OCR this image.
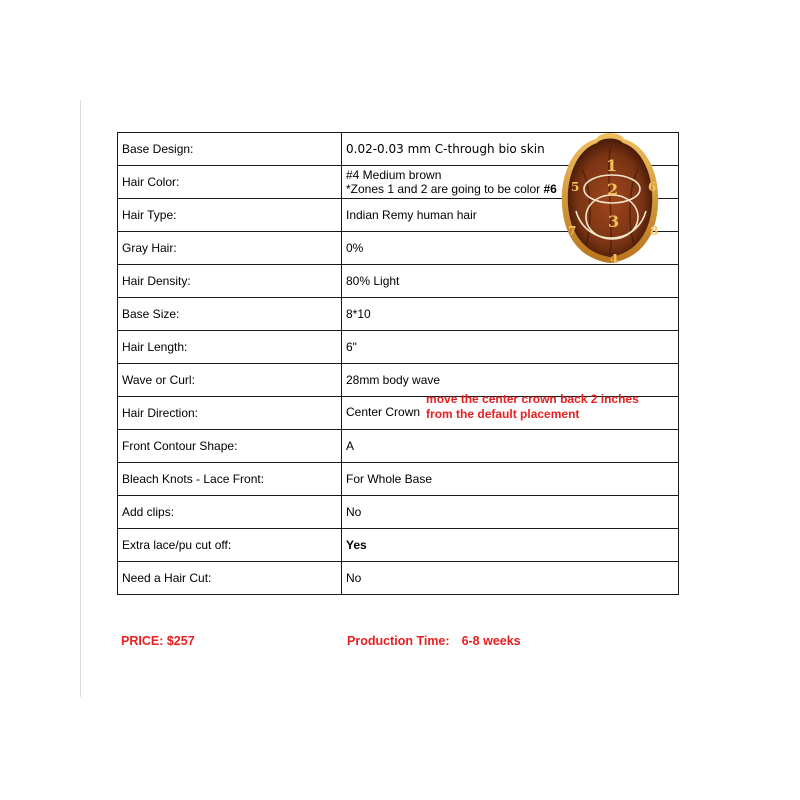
Base Design:	0.02-0.03 mm C-through bio skin
Hair Color:	#4 Medium brown
*Zones 1 and 2 are going to be color #6

Hair Type:	Indian Remy human hair
Gray Hair:	0%
Hair Density:	80% Light
Base Size:	8*10
Hair Length:	6"
Wave or Curl:	28mm body wave
Hair Direction:	Center Crown
move the center crown back 2 inches
from the default placement

Front Contour Shape:	A
Bleach Knots - Lace Front:	For Whole Base
Add clips:	No
Extra lace/pu cut off:	Yes
Need a Hair Cut:	No
1
2
3
4
5	6
7	8
PRICE: $257	Production Time: 6-8 weeks
